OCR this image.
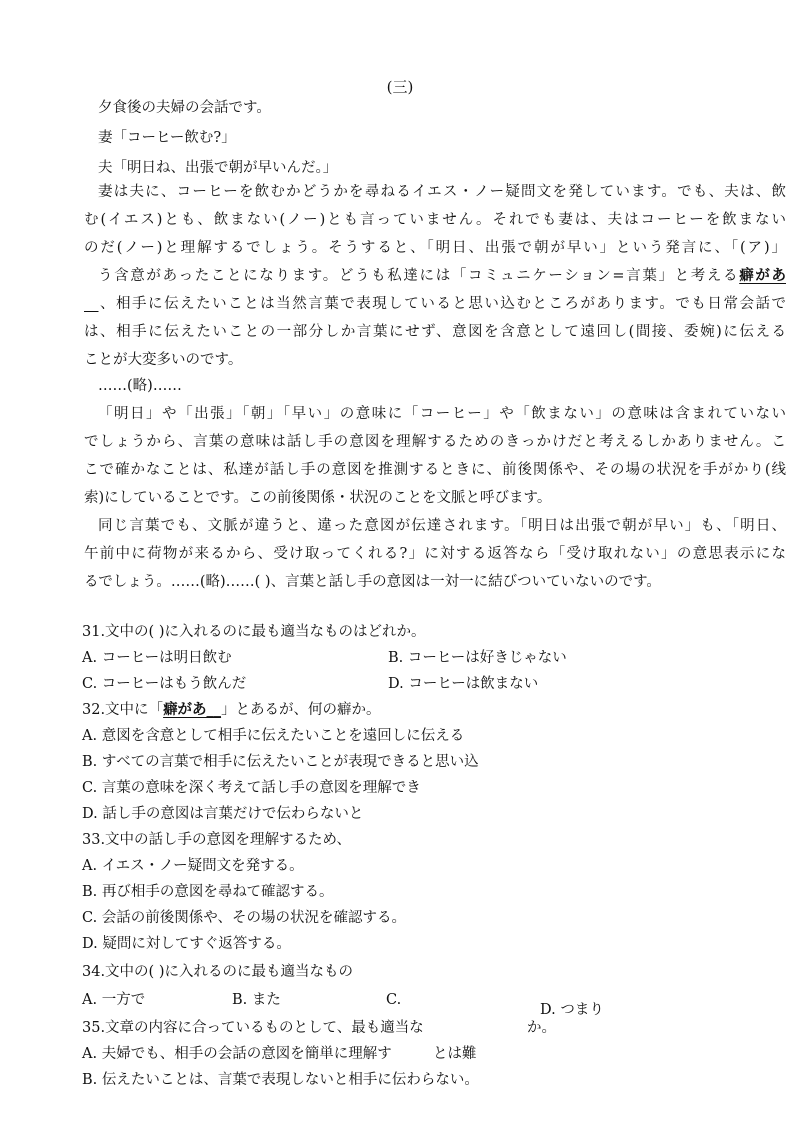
(三)
夕食後の夫婦の会話です。
妻「コーヒー飲む?」
夫「明日ね、出張で朝が早いんだ。」
妻は夫に、コーヒーを飲むかどうかを尋ねるイエス・ノー疑問文を発しています。でも、夫は、飲
む(イエス)とも、飲まない(ノー)とも言っていません。それでも妻は、夫はコーヒーを飲まない
のだ(ノー)と理解するでしょう。そうすると、「明日、出張で朝が早い」という発言に、「(ア)」
う含意があったことになります。どうも私達には「コミュニケーション=言葉」と考える癖があ
__、相手に伝えたいことは当然言葉で表現していると思い込むところがあります。でも日常会話で
は、相手に伝えたいことの一部分しか言葉にせず、意図を含意として遠回し(間接、委婉)に伝える
ことが大変多いのです。
……(略)……
「明日」や「出張」「朝」「早い」の意味に「コーヒー」や「飲まない」の意味は含まれていない
でしょうから、言葉の意味は話し手の意図を理解するためのきっかけだと考えるしかありません。こ
こで確かなことは、私達が話し手の意図を推測するときに、前後関係や、その場の状況を手がかり(线
索)にしていることです。この前後関係・状況のことを文脈と呼びます。
同じ言葉でも、文脈が違うと、違った意図が伝達されます。「明日は出張で朝が早い」も、「明日、
午前中に荷物が来るから、受け取ってくれる?」に対する返答なら「受け取れない」の意思表示にな
るでしょう。……(略)……( )、言葉と話し手の意図は一対一に結びついていないのです。
31.文中の( )に入れるのに最も適当なものはどれか。
A. コーヒーは明日飲む	B. コーヒーは好きじゃない
C. コーヒーはもう飲んだ	D. コーヒーは飲まない
32.文中に「癖があ__」とあるが、何の癖か。
A. 意図を含意として相手に伝えたいことを遠回しに伝える
B. すべての言葉で相手に伝えたいことが表現できると思い込
C. 言葉の意味を深く考えて話し手の意図を理解でき
D. 話し手の意図は言葉だけで伝わらないと
33.文中の話し手の意図を理解するため、
A. イエス・ノー疑問文を発する。
B. 再び相手の意図を尋ねて確認する。
C. 会話の前後関係や、その場の状況を確認する。
D. 疑問に対してすぐ返答する。
34.文中の( )に入れるのに最も適当なもの
A. 一方で	B. また	C.
D. つまり
35.文章の内容に合っているものとして、最も適当な	か。
A. 夫婦でも、相手の会話の意図を簡単に理解す	とは難
B. 伝えたいことは、言葉で表現しないと相手に伝わらない。
